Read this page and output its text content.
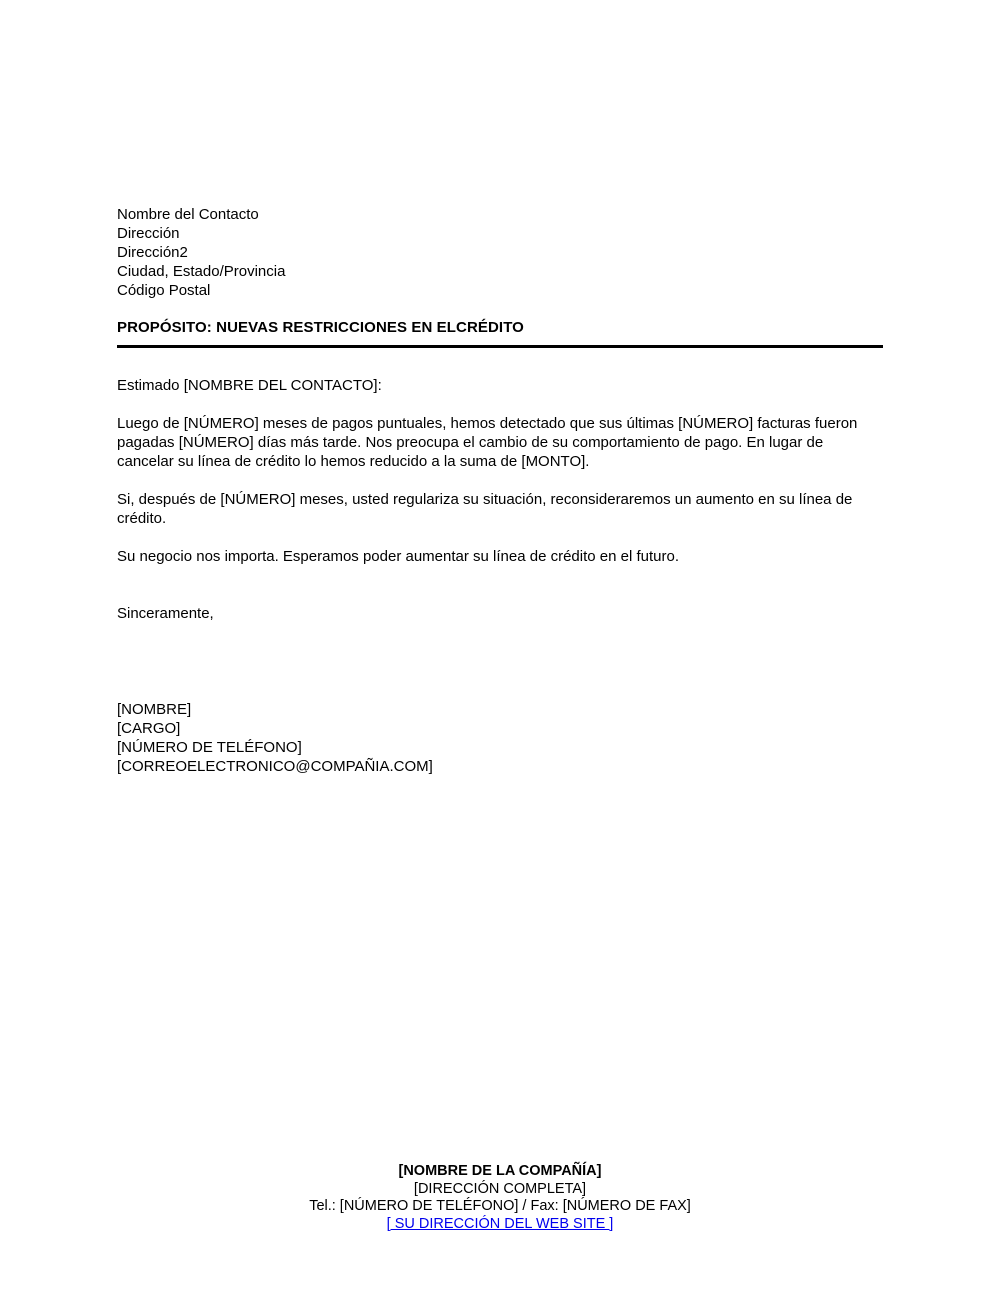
Nombre del Contacto
Dirección
Dirección2
Ciudad, Estado/Provincia
Código Postal
PROPÓSITO: NUEVAS RESTRICCIONES EN ELCRÉDITO
Estimado [NOMBRE DEL CONTACTO]:
Luego de [NÚMERO] meses de pagos puntuales, hemos detectado que sus últimas [NÚMERO] facturas fueron pagadas [NÚMERO] días más tarde. Nos preocupa el cambio de su comportamiento de pago. En lugar de cancelar su línea de crédito lo hemos reducido a la suma de [MONTO].
Si, después de [NÚMERO] meses, usted regulariza su situación, reconsideraremos un aumento en su línea de crédito.
Su negocio nos importa. Esperamos poder aumentar su línea de crédito en el futuro.
Sinceramente,
[NOMBRE]
[CARGO]
[NÚMERO DE TELÉFONO]
[CORREOELECTRONICO@COMPAÑIA.COM]
[NOMBRE DE LA COMPAÑÍA]
[DIRECCIÓN COMPLETA]
Tel.: [NÚMERO DE TELÉFONO] / Fax: [NÚMERO DE FAX]
[ SU DIRECCIÓN DEL WEB SITE ]
